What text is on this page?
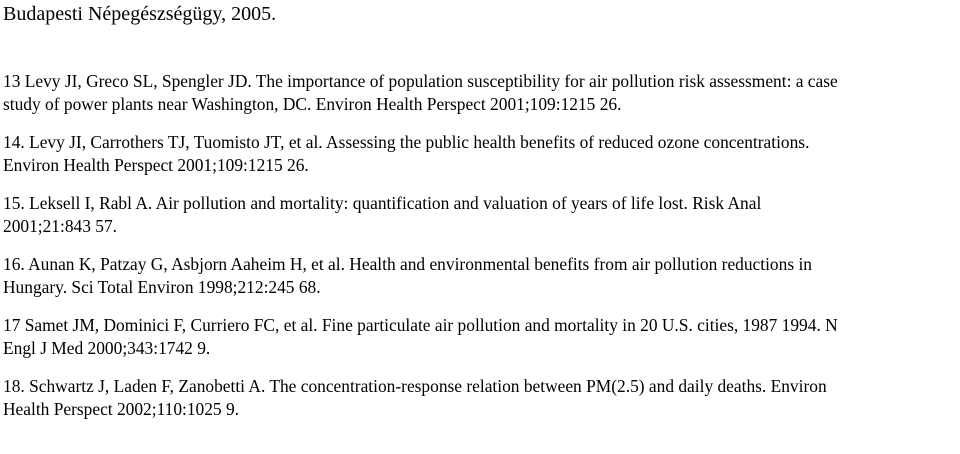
Budapesti Népegészségügy, 2005.

13 Levy JI, Greco SL, Spengler JD. The importance of population susceptibility for air pollution risk assessment: a case
study of power plants near Washington, DC. Environ Health Perspect 2001;109:1215 26.

14. Levy JI, Carrothers TJ, Tuomisto JT, et al. Assessing the public health benefits of reduced ozone concentrations.
Environ Health Perspect 2001;109:1215 26.

15. Leksell I, Rabl A. Air pollution and mortality: quantification and valuation of years of life lost. Risk Anal
2001;21:843 57.

16. Aunan K, Patzay G, Asbjorn Aaheim H, et al. Health and environmental benefits from air pollution reductions in
Hungary. Sci Total Environ 1998;212:245 68.

17 Samet JM, Dominici F, Curriero FC, et al. Fine particulate air pollution and mortality in 20 U.S. cities, 1987 1994. N
Engl J Med 2000;343:1742 9.

18. Schwartz J, Laden F, Zanobetti A. The concentration-response relation between PM(2.5) and daily deaths. Environ
Health Perspect 2002;110:1025 9.
